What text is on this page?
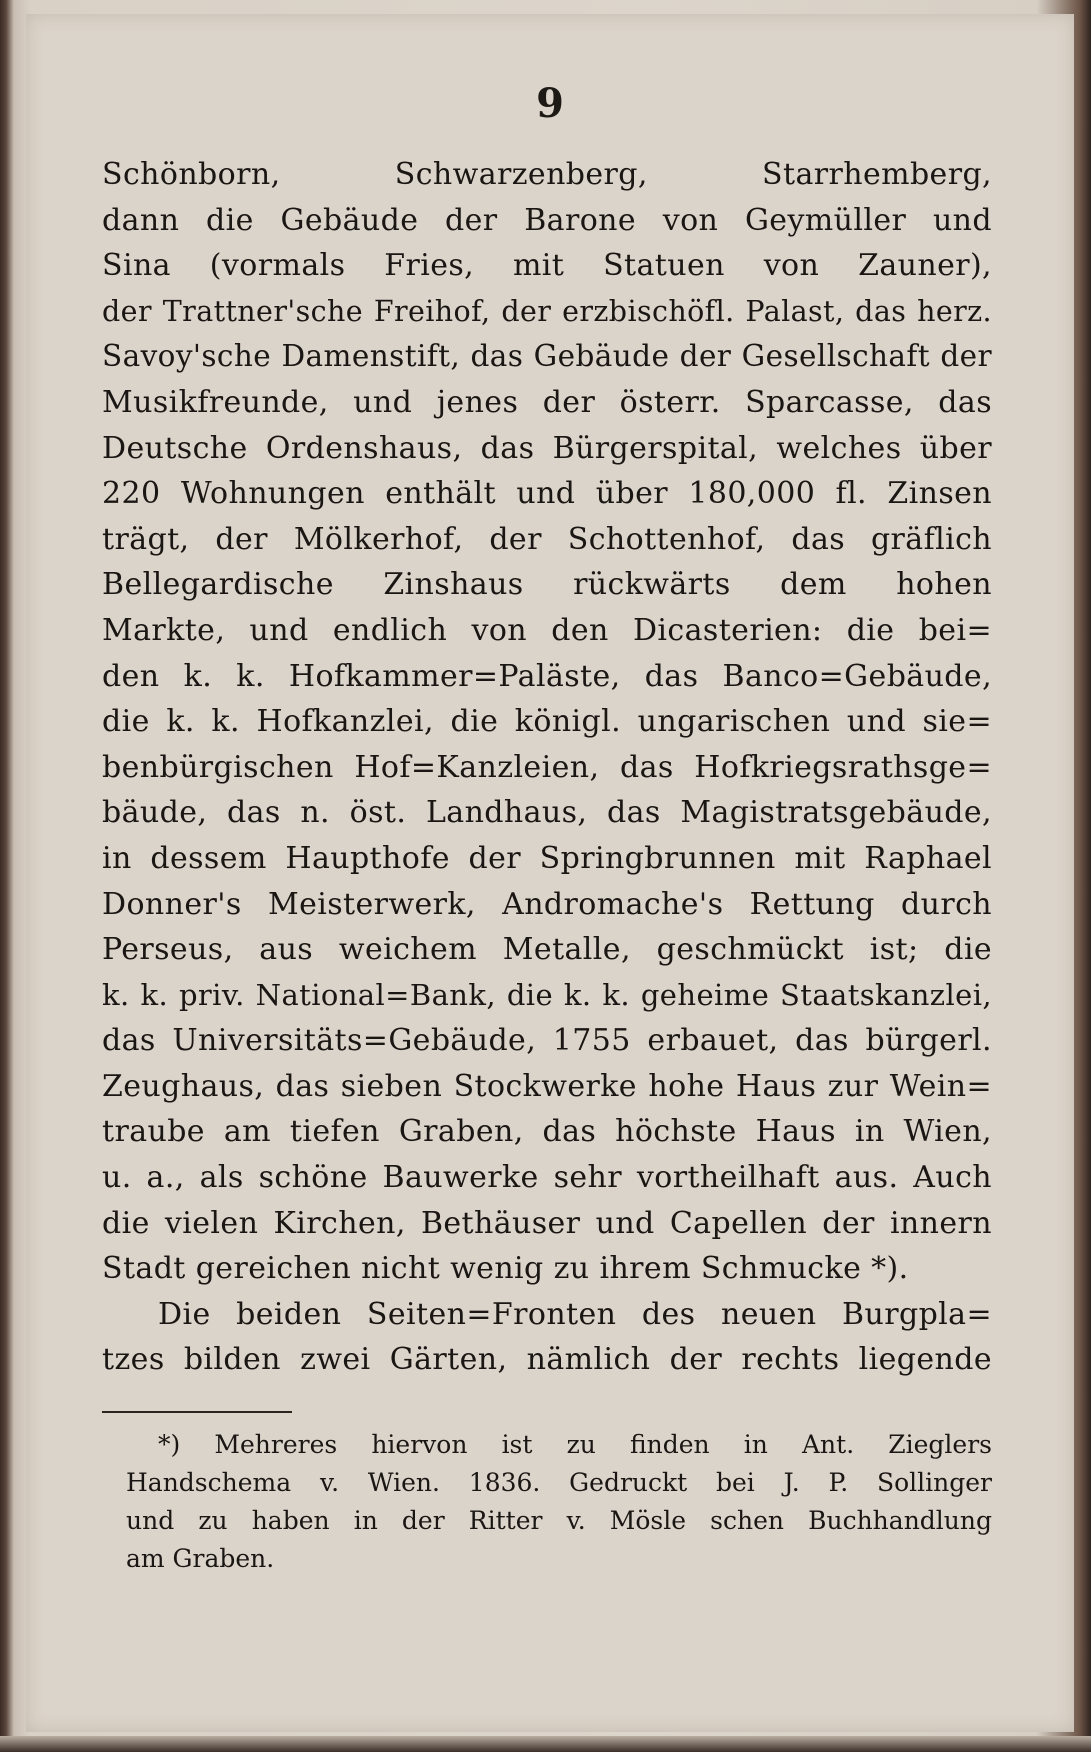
9
Schönborn, Schwarzenberg, Starrhemberg,
dann die Gebäude der Barone von Geymüller und
Sina (vormals Fries, mit Statuen von Zauner),
der Trattner'sche Freihof, der erzbischöfl. Palast, das herz.
Savoy'sche Damenstift, das Gebäude der Gesellschaft der
Musikfreunde, und jenes der österr. Sparcasse, das
Deutsche Ordenshaus, das Bürgerspital, welches über
220 Wohnungen enthält und über 180,000 fl. Zinsen
trägt, der Mölkerhof, der Schottenhof, das gräflich
Bellegardische Zinshaus rückwärts dem hohen
Markte, und endlich von den Dicasterien: die bei=
den k. k. Hofkammer=Paläste, das Banco=Gebäude,
die k. k. Hofkanzlei, die königl. ungarischen und sie=
benbürgischen Hof=Kanzleien, das Hofkriegsrathsge=
bäude, das n. öst. Landhaus, das Magistratsgebäude,
in dessem Haupthofe der Springbrunnen mit Raphael
Donner's Meisterwerk, Andromache's Rettung durch
Perseus, aus weichem Metalle, geschmückt ist; die
k. k. priv. National=Bank, die k. k. geheime Staatskanzlei,
das Universitäts=Gebäude, 1755 erbauet, das bürgerl.
Zeughaus, das sieben Stockwerke hohe Haus zur Wein=
traube am tiefen Graben, das höchste Haus in Wien,
u. a., als schöne Bauwerke sehr vortheilhaft aus. Auch
die vielen Kirchen, Bethäuser und Capellen der innern
Stadt gereichen nicht wenig zu ihrem Schmucke *).
Die beiden Seiten=Fronten des neuen Burgpla=
tzes bilden zwei Gärten, nämlich der rechts liegende
*) Mehreres hiervon ist zu finden in Ant. Zieglers
Handschema v. Wien. 1836. Gedruckt bei J. P. Sollinger
und zu haben in der Ritter v. Mösle schen Buchhandlung
am Graben.
